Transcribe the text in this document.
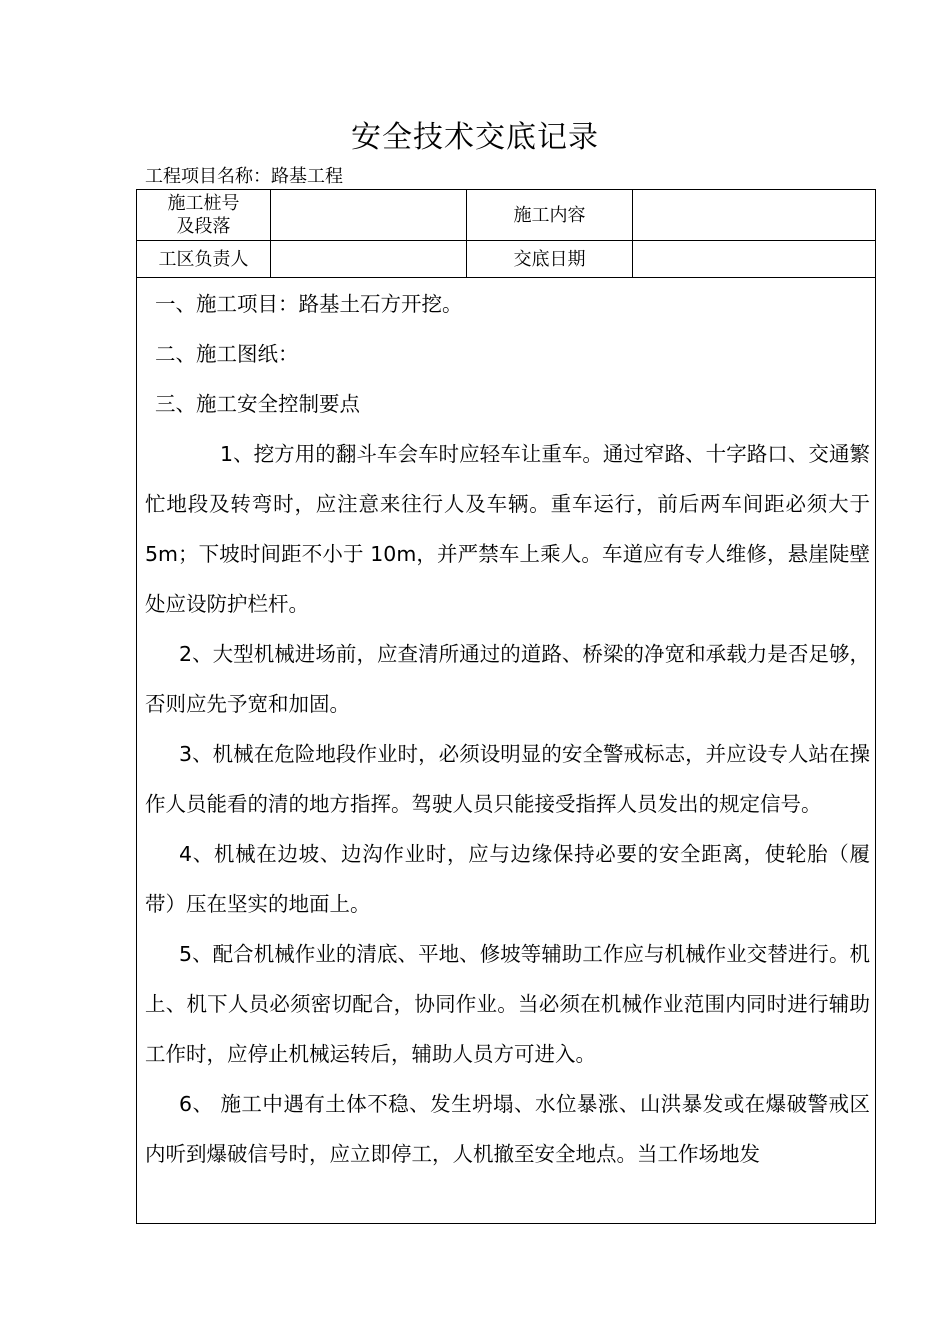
安全技术交底记录
工程项目名称：路基工程
施工桩号
及段落
施工内容
工区负责人	交底日期

一、施工项目：路基土石方开挖。

二、施工图纸：

三、施工安全控制要点

1、挖方用的翻斗车会车时应轻车让重车。通过窄路、十字路口、交通繁忙地段及转弯时，应注意来往行人及车辆。重车运行，前后两车间距必须大于 5m；下坡时间距不小于 10m，并严禁车上乘人。车道应有专人维修，悬崖陡壁处应设防护栏杆。

2、大型机械进场前，应查清所通过的道路、桥梁的净宽和承载力是否足够，否则应先予宽和加固。

3、机械在危险地段作业时，必须设明显的安全警戒标志，并应设专人站在操作人员能看的清的地方指挥。驾驶人员只能接受指挥人员发出的规定信号。

4、机械在边坡、边沟作业时，应与边缘保持必要的安全距离，使轮胎（履带）压在坚实的地面上。

5、配合机械作业的清底、平地、修坡等辅助工作应与机械作业交替进行。机上、机下人员必须密切配合，协同作业。当必须在机械作业范围内同时进行辅助工作时，应停止机械运转后，辅助人员方可进入。

6、 施工中遇有土体不稳、发生坍塌、水位暴涨、山洪暴发或在爆破警戒区内听到爆破信号时，应立即停工，人机撤至安全地点。当工作场地发
